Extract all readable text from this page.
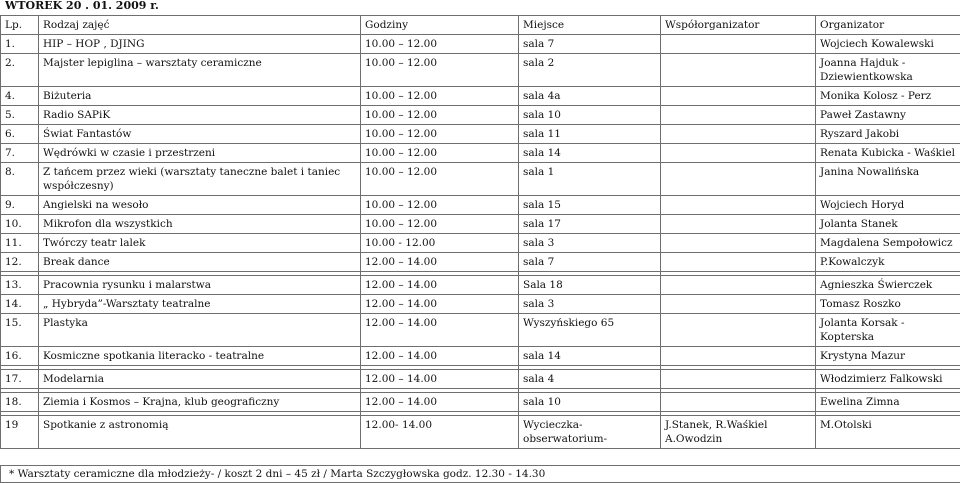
WTOREK 20 . 01. 2009 r.
Lp.	Rodzaj zajęć	Godziny	Miejsce	Współorganizator	Organizator
1.	HIP – HOP , DJING	10.00 – 12.00	sala 7		Wojciech Kowalewski
2.	Majster lepiglina – warsztaty ceramiczne	10.00 – 12.00	sala 2		Joanna Hajduk - Dziewientkowska
4.	Biżuteria	10.00 – 12.00	sala 4a		Monika Kolosz - Perz
5.	Radio SAPiK	10.00 – 12.00	sala 10		Paweł Zastawny
6.	Świat Fantastów	10.00 – 12.00	sala 11		Ryszard Jakobi
7.	Wędrówki w czasie i przestrzeni	10.00 – 12.00	sala 14		Renata Kubicka - Waśkiel
8.	Z tańcem przez wieki (warsztaty taneczne balet i taniec współczesny)	10.00 – 12.00	sala 1		Janina Nowalińska
9.	Angielski na wesoło	10.00 – 12.00	sala 15		Wojciech Horyd
10.	Mikrofon dla wszystkich	10.00 – 12.00	sala 17		Jolanta Stanek
11.	Twórczy teatr lalek	10.00 - 12.00	sala 3		Magdalena Sempołowicz
12.	Break dance	12.00 – 14.00	sala 7		P.Kowalczyk

13.	Pracownia rysunku i malarstwa	12.00 – 14.00	Sala 18		Agnieszka Świerczek
14.	„ Hybryda”-Warsztaty teatralne	12.00 – 14.00	sala 3		Tomasz Roszko
15.	Plastyka	12.00 – 14.00	Wyszyńskiego 65		Jolanta Korsak - Kopterska
16.	Kosmiczne spotkania literacko - teatralne	12.00 – 14.00	sala 14		Krystyna Mazur

17.	Modelarnia	12.00 – 14.00	sala 4		Włodzimierz Falkowski

18.	Ziemia i Kosmos – Krajna, klub geograficzny	12.00 – 14.00	sala 10		Ewelina Zimna

19	Spotkanie z astronomią	12.00- 14.00	Wycieczka-obserwatorium-	J.Stanek, R.Waśkiel A.Owodzin	M.Otolski
* Warsztaty ceramiczne dla młodzieży- / koszt 2 dni – 45 zł / Marta Szczygłowska godz. 12.30 - 14.30
